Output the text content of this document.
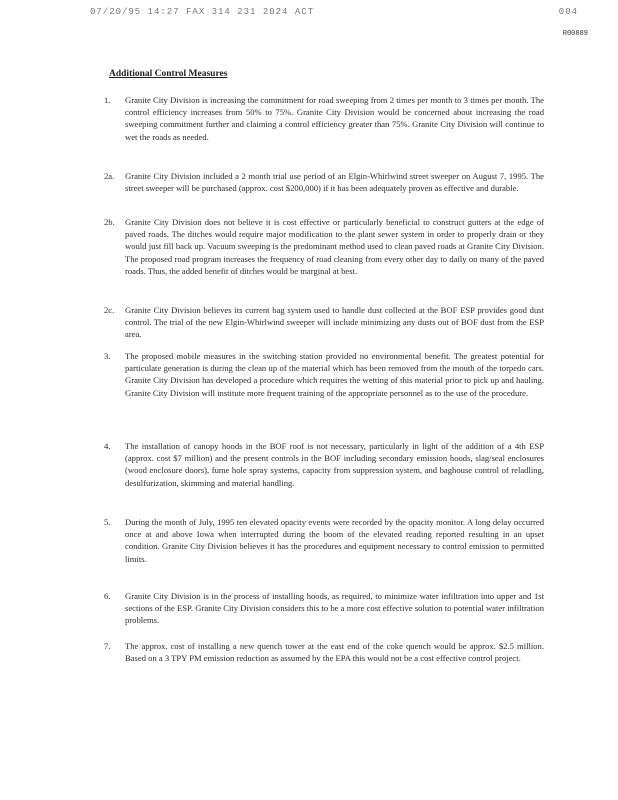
07/20/95 14:27 FAX 314 231 2024 ACT	004
R00889
Additional Control Measures
1.	Granite City Division is increasing the commitment for road sweeping from 2 times per month to 3 times per month. The control efficiency increases from 50% to 75%. Granite City Division would be concerned about increasing the road sweeping commitment further and claiming a control efficiency greater than 75%. Granite City Division will continue to wet the roads as needed.
2a.	Granite City Division included a 2 month trial use period of an Elgin-Whirlwind street sweeper on August 7, 1995. The street sweeper will be purchased (approx. cost $200,000) if it has been adequately proven as effective and durable.
2b.	Granite City Division does not believe it is cost effective or particularly beneficial to construct gutters at the edge of paved roads. The ditches would require major modification to the plant sewer system in order to properly drain or they would just fill back up. Vacuum sweeping is the predominant method used to clean paved roads at Granite City Division. The proposed road program increases the frequency of road cleaning from every other day to daily on many of the paved roads. Thus, the added benefit of ditches would be marginal at best.
2c.	Granite City Division believes its current bag system used to handle dust collected at the BOF ESP provides good dust control. The trial of the new Elgin-Whirlwind sweeper will include minimizing any dusts out of BOF dust from the ESP area.
3.	The proposed mobile measures in the switching station provided no environmental benefit. The greatest potential for particulate generation is during the clean up of the material which has been removed from the mouth of the torpedo cars. Granite City Division has developed a procedure which requires the wetting of this material prior to pick up and hauling. Granite City Division will institute more frequent training of the appropriate personnel as to the use of the procedure.
4.	The installation of canopy hoods in the BOF roof is not necessary, particularly in light of the addition of a 4th ESP (approx. cost $7 million) and the present controls in the BOF including secondary emission hoods, slag/seal enclosures (wood enclosure doors), fume hole spray systems, capacity from suppression system, and baghouse control of reladling, desulfurization, skimming and material handling.
5.	During the month of July, 1995 ten elevated opacity events were recorded by the opacity monitor. A long delay occurred once at and above Iowa when interrupted during the boom of the elevated reading reported resulting in an upset condition. Granite City Division believes it has the procedures and equipment necessary to control emission to permitted limits.
6.	Granite City Division is in the process of installing hoods, as required, to minimize water infiltration into upper and 1st sections of the ESP. Granite City Division considers this to be a more cost effective solution to potential water infiltration problems.
7.	The approx. cost of installing a new quench tower at the east end of the coke quench would be approx. $2.5 million. Based on a 3 TPY PM emission reduction as assumed by the EPA this would not be a cost effective control project.
